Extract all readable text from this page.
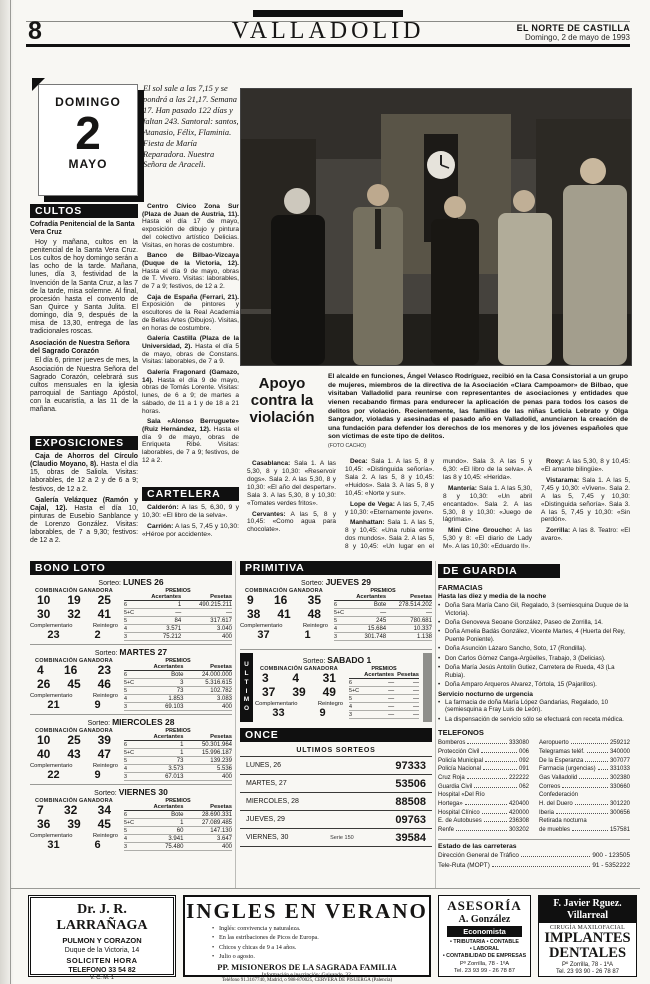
8	VALLADOLID	EL NORTE DE CASTILLA
Domingo, 2 de mayo de 1993
DOMINGO
2
MAYO
El sol sale a las 7,15 y se pondrá a las 21,17. Semana 17. Han pasado 122 días y faltan 243. Santoral: santos, Atanasio, Félix, Flaminia. Fiesta de María Reparadora. Nuestra Señora de Araceli.
CULTOS
Cofradía Penitencial de la Santa Vera Cruz

Hoy y mañana, cultos en la penitencial de la Santa Vera Cruz. Los cultos de hoy domingo serán a las ocho de la tarde. Mañana, lunes, día 3, festividad de la Invención de la Santa Cruz, a las 7 de la tarde, misa solemne. Al final, procesión hasta el convento de San Quirce y Santa Julita. El domingo, día 9, después de la misa de 13,30, entrega de las tradicionales roscas.

Asociación de Nuestra Señora del Sagrado Corazón

El día 6, primer jueves de mes, la Asociación de Nuestra Señora del Sagrado Corazón, celebrará sus cultos mensuales en la iglesia parroquial de Santiago Apóstol, con la eucaristía, a las 11 de la mañana.

EXPOSICIONES

Caja de Ahorros del Círculo (Claudio Moyano, 8). Hasta el día 15, obras de Saliola. Visitas: laborables, de 12 a 2 y de 6 a 9; festivos, de 12 a 2.

Galería Velázquez (Ramón y Cajal, 12). Hasta el día 10, pinturas de Eusebio Sanblance y de Lorenzo González. Visitas: laborables, de 7 a 9,30; festivos: de 12 a 2.

Centro Cívico Zona Sur (Plaza de Juan de Austria, 11). Hasta el día 17 de mayo, exposición de dibujo y pintura del colectivo artístico Delicias. Visitas, en horas de costumbre.

Banco de Bilbao-Vizcaya (Duque de la Victoria, 12). Hasta el día 9 de mayo, obras de T. Vivero. Visitas: laborables, de 7 a 9; festivos, de 12 a 2.

Caja de España (Ferrari, 21). Exposición de pintores y escultores de la Real Academia de Bellas Artes (Dibujos). Visitas, en horas de costumbre.

Galería Castilla (Plaza de la Universidad, 2). Hasta el día 5 de mayo, obras de Constans. Visitas: laborables, de 7 a 9.

Galería Fragonard (Gamazo, 14). Hasta el día 9 de mayo, obras de Tomás Lorente. Visitas: lunes, de 6 a 9; de martes a sábado, de 11 a 1 y de 18 a 21 horas.

Sala «Alonso Berruguete» (Ruiz Hernández, 12). Hasta el día 9 de mayo, obras de Enriqueta Ribé. Visitas: laborables, de 7 a 9; festivos, de 12 a 2.

Apoyo contra la violación
El alcalde en funciones, Ángel Velasco Rodríguez, recibió en la Casa Consistorial a un grupo de mujeres, miembros de la directiva de la Asociación «Clara Campoamor» de Bilbao, que visitaban Valladolid para reunirse con representantes de asociaciones y entidades que vienen recabando firmas para endurecer la aplicación de penas para todos los casos de delitos por violación. Recientemente, las familias de las niñas Leticia Lebrato y Olga Sangrador, violadas y asesinadas el pasado año en Valladolid, anunciaron la creación de una fundación para defender los derechos de los menores y de los jóvenes españoles que son víctimas de este tipo de delitos.
(FOTO CACHO)
CARTELERA

Calderón: A las 5, 6,30, 9 y 10,30: «El libro de la selva».

Carrión: A las 5, 7,45 y 10,30: «Héroe por accidente».

Casablanca: Sala 1. A las 5,30, 8 y 10,30: «Reservoir dogs». Sala 2. A las 5,30, 8 y 10,30: «El año del despertar». Sala 3. A las 5,30, 8 y 10,30: «Tomates verdes fritos».

Cervantes: A las 5, 8 y 10,45: «Como agua para chocolate».

Deca: Sala 1. A las 5, 8 y 10,45: «Distinguida señoría». Sala 2. A las 5, 8 y 10,45: «Huidos». Sala 3. A las 5, 8 y 10,45: «Norte y sur».

Lope de Vega: A las 5, 7,45 y 10,30: «Eternamente joven».

Manhattan: Sala 1. A las 5, 8 y 10,45: «Una rubia entre dos mundos». Sala 2. A las 5, 8 y 10,45: «Un lugar en el mundo». Sala 3. A las 5 y 6,30: «El libro de la selva». A las 8 y 10,45: «Herida».

Mantería: Sala 1. A las 5,30, 8 y 10,30: «Un abril encantado». Sala 2. A las 5,30, 8 y 10,30: «Juego de lágrimas».

Mini Cine Groucho: A las 5,30 y 8: «El diario de Lady M». A las 10,30: «Eduardo II».

Roxy: A las 5,30, 8 y 10,45: «El amante bilingüe».

Vistarama: Sala 1. A las 5, 7,45 y 10,30: «Viven». Sala 2. A las 5, 7,45 y 10,30: «Distinguida señoría». Sala 3. A las 5, 7,45 y 10,30: «Sin perdón».

Zorrilla: A las 8. Teatro: «El avaro».

BONO LOTO
Sorteo: LUNES 26
COMBINACIÓN GANADORA
10 19 25
30 32 41
Complementario	Reintegro
23	2
PREMIOS
	Acertantes	Pesetas
6	1	490.215.211
5+C	—	—
5	84	317.617
4	3.571	3.040
3	75.212	400
Sorteo: MARTES 27
COMBINACIÓN GANADORA
4 16 23
26 45 46
Complementario	Reintegro
21	9
PREMIOS
	Acertantes	Pesetas
6	Bote	24.000.000
5+C	3	5.316.615
5	73	102.782
4	1.853	3.083
3	69.103	400
Sorteo: MIERCOLES 28
COMBINACIÓN GANADORA
10 25 39
40 43 47
Complementario	Reintegro
22	9
PREMIOS
	Acertantes	Pesetas
6	1	50.301.964
5+C	1	15.996.187
5	73	139.239
4	3.573	5.536
3	67.013	400
Sorteo: VIERNES 30
COMBINACIÓN GANADORA
7 32 34
36 39 45
Complementario	Reintegro
31	6
PREMIOS
	Acertantes	Pesetas
6	Bote	28.690.331
5+C	1	27.089.485
5	60	147.130
4	3.941	3.647
3	75.480	400
PRIMITIVA
Sorteo: JUEVES 29
COMBINACIÓN GANADORA
9 16 35
38 41 48
Complementario	Reintegro
37	1
PREMIOS
	Acertantes	Pesetas
6	Bote	278.514.202
5+C	—	—
5	245	780.681
4	15.684	10.337
3	301.748	1.138
U
L
T
I
M
O
Sorteo: SABADO 1
COMBINACIÓN GANADORA
3 4 31
37 39 49
Complementario	Reintegro
33	9
PREMIOS
	Acertantes	Pesetas
6	—	—
5+C	—	—
5	—	—
4	—	—
3	—	—
ONCE
ULTIMOS SORTEOS
LUNES, 26	97333
MARTES, 27	53506
MIERCOLES, 28	88508
JUEVES, 29	09763
VIERNES, 30	Serie 150	39584
DE GUARDIA
FARMACIAS
Hasta las diez y media de la noche
• Doña Sara María Cano Gil, Regalado, 3 (semiesquina Duque de la Victoria).
• Doña Genoveva Seoane González, Paseo de Zorrilla, 14.
• Doña Amelia Badás González, Vicente Martes, 4 (Huerta del Rey, Puente Poniente).
• Doña Asunción Lázaro Sancho, Soto, 17 (Rondilla).
• Don Carlos Gómez Canga-Argüelles, Trabajo, 3 (Delicias).
• Doña María Jesús Antolín Gutiez, Carretera de Rueda, 43 (La Rubia).
• Doña Amparo Arqueros Alvarez, Tórtola, 15 (Pajarillos).
Servicio nocturno de urgencia
• La farmacia de doña María López Gandarias, Regalado, 10 (semiesquina a Fray Luis de León).
• La dispensación de servicio sólo se efectuará con receta médica.
TELEFONOS
Bomberos	333080
Protección Civil	006
Policía Municipal	092
Policía Nacional	091
Cruz Roja	222222
Guardia Civil	062
Hospital «Del Río
Hortega»	420400
Hospital Clínico	420000
E. de Autobuses	236308
Renfe	303202
Aeropuerto	259212
Telegramas teléf.	340000
De la Esperanza	307077
Farmacia (urgencias) 331033
Gas Valladolid	302380
Correos	330660
Confederación
H. del Duero	301220
Iberia	300656
Retirada nocturna
de muebles	157581
Estado de las carreteras
Dirección General de Tráfico	900 - 123505
Tele-Ruta (MOPT)	91 - 5352222
Dr. J. R. LARRAÑAGA
PULMON Y CORAZON
Duque de la Victoria, 14
SOLICITEN HORA
TELEFONO 33 54 82
V. C. M. 1
INGLES EN VERANO
• Inglés: convivencia y naturaleza.
• En las estribaciones de Picos de Europa.
• Chicos y chicas de 9 a 14 años.
• Julio o agosto.
PP. MISIONEROS DE LA SAGRADA FAMILIA
Información e inscripción: Guisando, 32.
Teléfono 91.3167740, Madrid, o 988-870025, CERVERA DE PISUERGA (Palencia)
ASESORÍA
A. González
Economista
• TRIBUTARIA • CONTABLE
• LABORAL
• CONTABILIDAD DE EMPRESAS
Pº Zorrilla, 78 - 1ºA
Tel. 23 93 99 - 26 78 87
F. Javier Rguez.
Villarreal
CIRUGÍA MAXILOFACIAL
IMPLANTES
DENTALES
Pº Zorrilla, 78 - 1ºA
Tel. 23 93 90 - 26 78 87
